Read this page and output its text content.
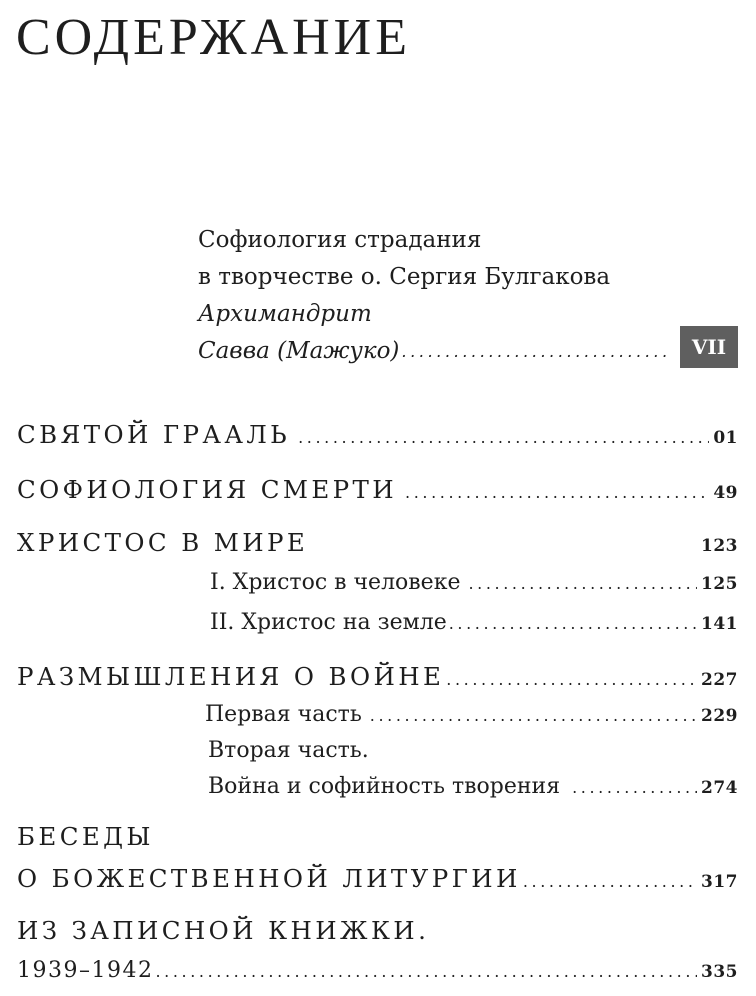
СОДЕРЖАНИЕ
Софиология страдания
в творчестве о. Сергия Булгакова
Архимандрит
Савва (Мажуко) .....	VII
СВЯТОЙ ГРААЛЬ .....	01
СОФИОЛОГИЯ СМЕРТИ .....	49
ХРИСТОС В МИРЕ	123
I. Христос в человеке .....	125
II. Христос на земле .....	141
РАЗМЫШЛЕНИЯ О ВОЙНЕ .....	227
Первая часть .....	229
Вторая часть.
Война и софийность творения .....	274
БЕСЕДЫ
О БОЖЕСТВЕННОЙ ЛИТУРГИИ .....	317
ИЗ ЗАПИСНОЙ КНИЖКИ.
1939–1942 .....	335
